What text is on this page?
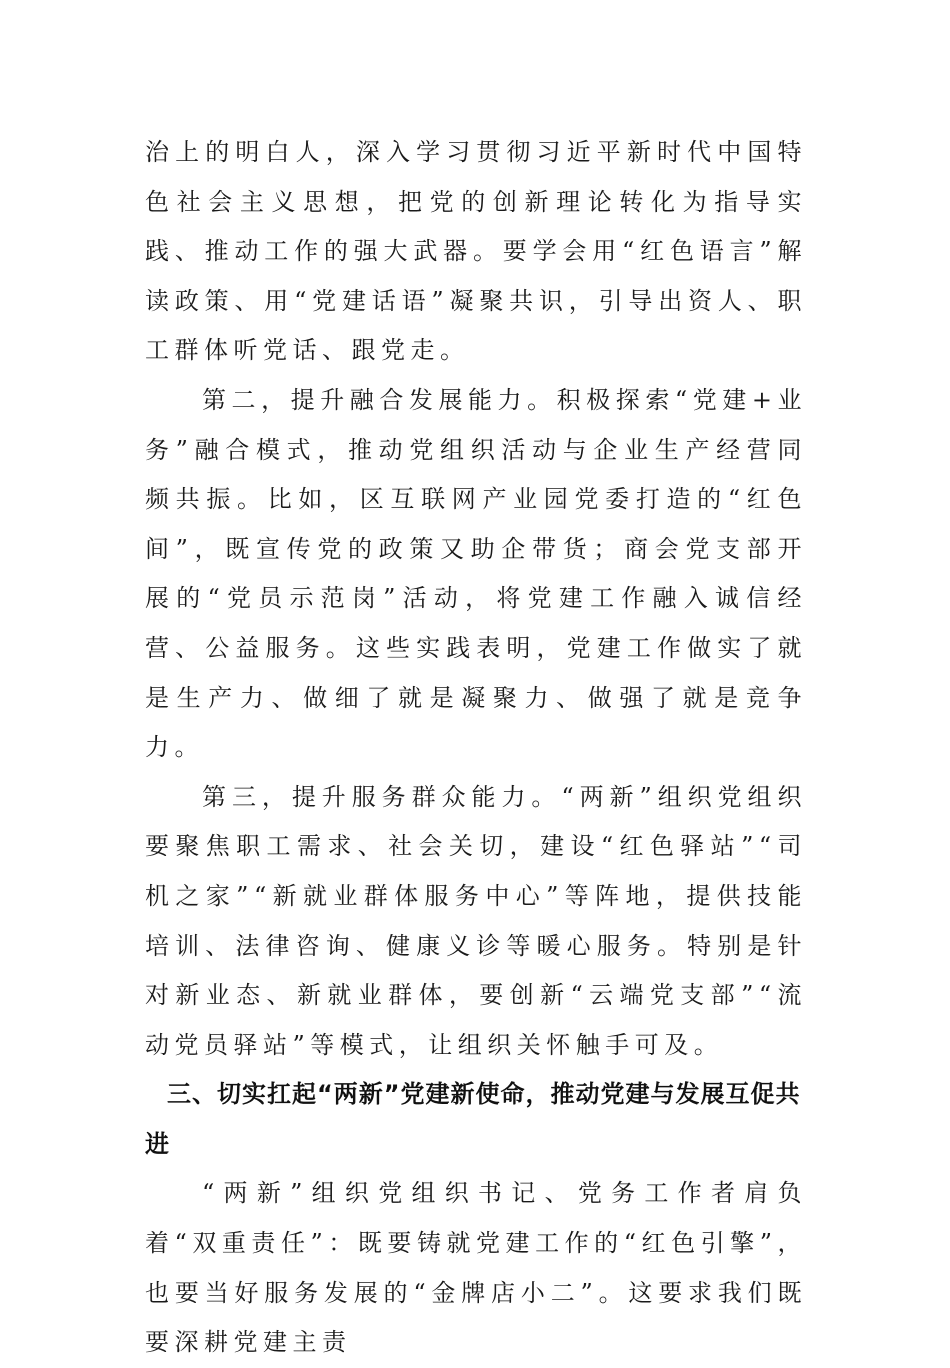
治上的明白人，深入学习贯彻习近平新时代中国特色社会主义思想，把党的创新理论转化为指导实践、推动工作的强大武器。要学会用“红色语言”解读政策、用“党建话语”凝聚共识，引导出资人、职工群体听党话、跟党走。

第二，提升融合发展能力。积极探索“党建+业务”融合模式，推动党组织活动与企业生产经营同频共振。比如，区互联网产业园党委打造的“红色间”，既宣传党的政策又助企带货；商会党支部开展的“党员示范岗”活动，将党建工作融入诚信经营、公益服务。这些实践表明，党建工作做实了就是生产力、做细了就是凝聚力、做强了就是竞争力。

第三，提升服务群众能力。“两新”组织党组织要聚焦职工需求、社会关切，建设“红色驿站”“司机之家”“新就业群体服务中心”等阵地，提供技能培训、法律咨询、健康义诊等暖心服务。特别是针对新业态、新就业群体，要创新“云端党支部”“流动党员驿站”等模式，让组织关怀触手可及。

三、切实扛起“两新”党建新使命，推动党建与发展互促共进

“两新”组织党组织书记、党务工作者肩负着“双重责任”：既要铸就党建工作的“红色引擎”，也要当好服务发展的“金牌店小二”。这要求我们既要深耕党建主责
